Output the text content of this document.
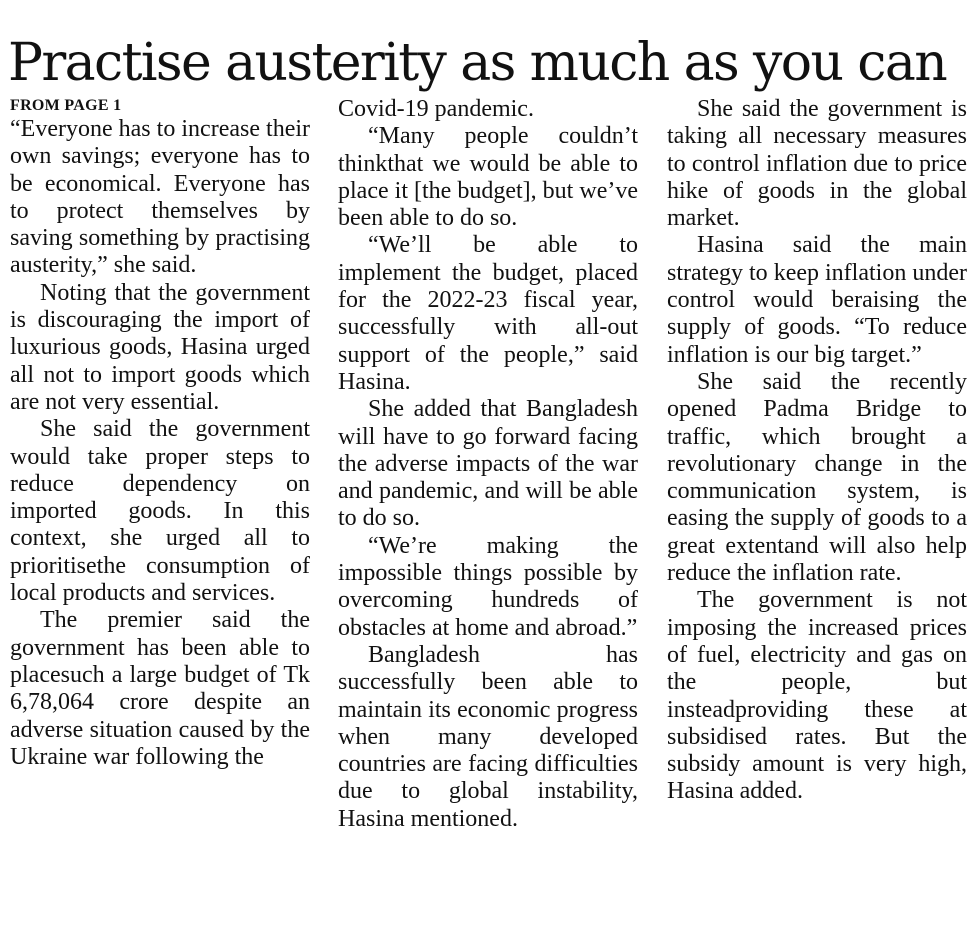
Practise austerity as much as you can
FROM PAGE 1

“Everyone has to increase their own savings; everyone has to be economical. Everyone has to protect themselves by saving something by practising austerity,” she said.

Noting that the government is discouraging the import of luxurious goods, Hasina urged all not to import goods which are not very essential.

She said the government would take proper steps to reduce dependency on imported goods. In this context, she urged all to prioritisethe consumption of local products and services.

The premier said the government has been able to placesuch a large budget of Tk 6,78,064 crore despite an adverse situation caused by the Ukraine war following the

Covid-19 pandemic.

“Many people couldn’t thinkthat we would be able to place it [the budget], but we’ve been able to do so.

“We’ll be able to implement the budget, placed for the 2022-23 fiscal year, successfully with all-out support of the people,” said Hasina.

She added that Bangladesh will have to go forward facing the adverse impacts of the war and pandemic, and will be able to do so.

“We’re making the impossible things possible by overcoming hundreds of obstacles at home and abroad.”

Bangladesh has successfully been able to maintain its economic progress when many developed countries are facing difficulties due to global instability, Hasina mentioned.

She said the government is taking all necessary measures to control inflation due to price hike of goods in the global market.

Hasina said the main strategy to keep inflation under control would beraising the supply of goods. “To reduce inflation is our big target.”

She said the recently opened Padma Bridge to traffic, which brought a revolutionary change in the communication system, is easing the supply of goods to a great extentand will also help reduce the inflation rate.

The government is not imposing the increased prices of fuel, electricity and gas on the people, but insteadproviding these at subsidised rates. But the subsidy amount is very high, Hasina added.
